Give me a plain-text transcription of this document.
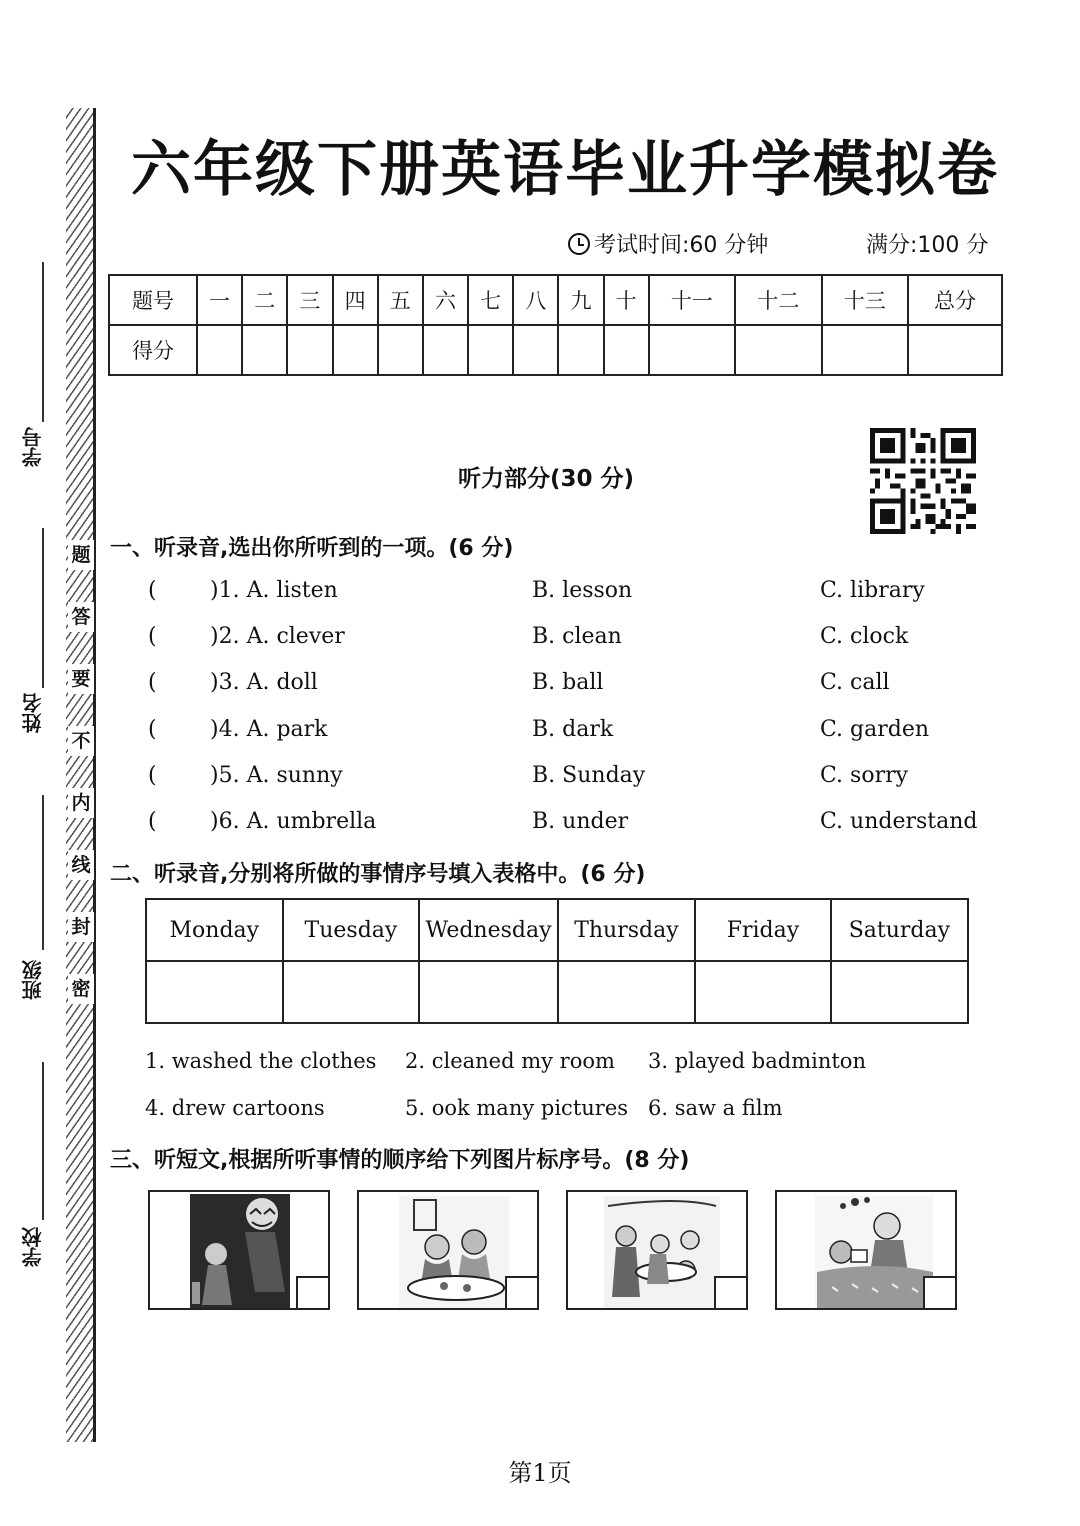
学号
姓名
班级
学校
题
答
要
不
内
线
封
密
六年级下册英语毕业升学模拟卷
考试时间:60 分钟	满分:100 分
题号	一	二	三	四	五	六	七	八	九	十	十一	十二	十三	总分
得分														
听力部分(30 分)
一、听录音,选出你所听到的一项。(6 分)
( )1. A. listen	B. lesson	C. library
( )2. A. clever	B. clean	C. clock
( )3. A. doll	B. ball	C. call
( )4. A. park	B. dark	C. garden
( )5. A. sunny	B. Sunday	C. sorry
( )6. A. umbrella	B. under	C. understand
二、听录音,分别将所做的事情序号填入表格中。(6 分)
Monday	Tuesday	Wednesday	Thursday	Friday	Saturday

1. washed the clothes 2. cleaned my room 3. played badminton
4. drew cartoons	5. ook many pictures 6. saw a film
三、听短文,根据所听事情的顺序给下列图片标序号。(8 分)
第1页
